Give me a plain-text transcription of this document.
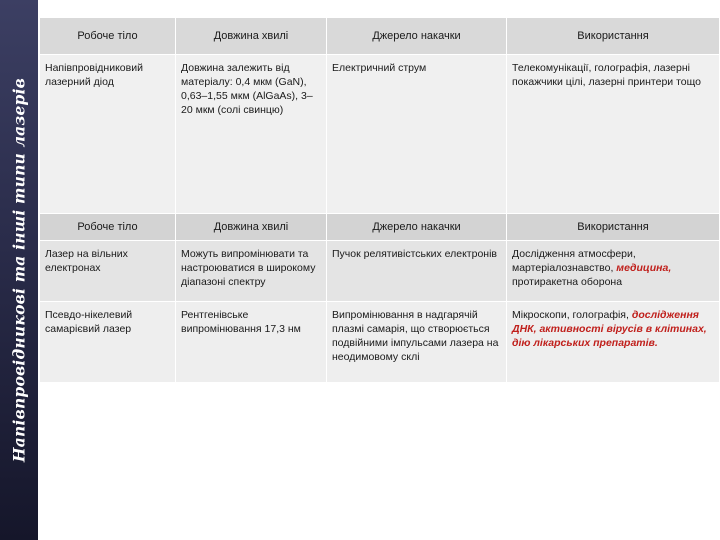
Напівпровідникові та інші типи лазерів
Робоче тіло	Довжина хвилі	Джерело накачки	Використання
Напівпровідниковий лазерний діод	Довжина залежить від матеріалу: 0,4 мкм (GaN), 0,63–1,55 мкм (AlGaAs), 3–20 мкм (солі свинцю)	Електричний струм	Телекомунікації, голографія, лазерні покажчики цілі, лазерні принтери тощо
Робоче тіло	Довжина хвилі	Джерело накачки	Використання
Лазер на вільних електронах	Можуть випромінювати та настроюватися в широкому діапазоні спектру	Пучок релятивістських електронів	Дослідження атмосфери, мартеріалознавство, медицина, протиракетна оборона
Псевдо-нікелевий самарієвий лазер	Рентгенівське випромінювання 17,3 нм	Випромінювання в надгарячій плазмі самарія, що створюється подвійними імпульсами лазера на неодимовому склі	Мікроскопи, голографія, дослідження ДНК, активності вірусів в клітинах, дію лікарських препаратів.
